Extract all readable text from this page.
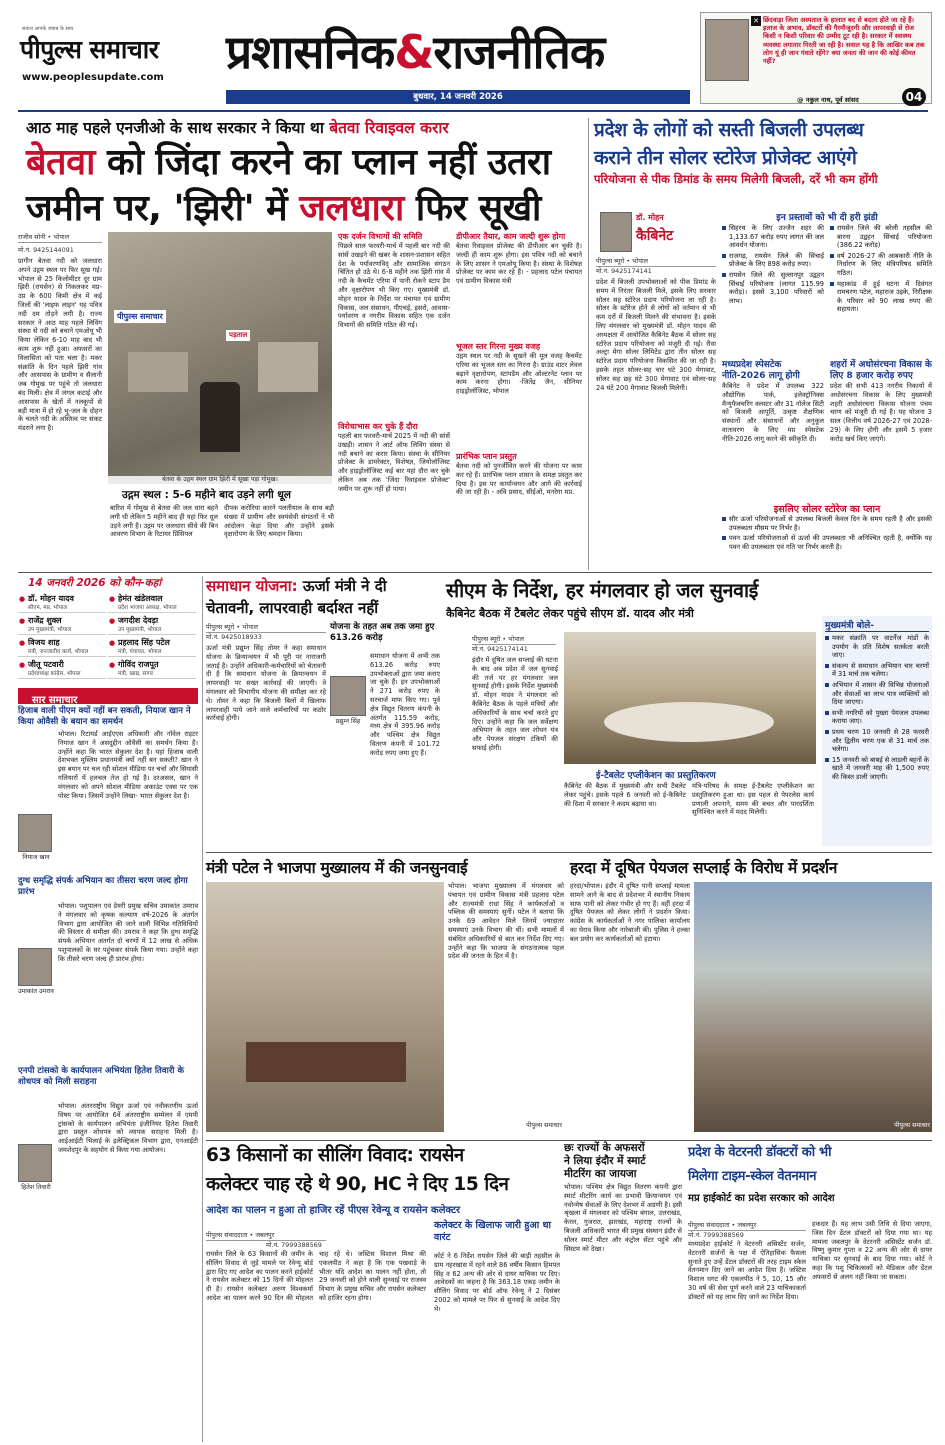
सवाल आपके जवाब के साथ
पीपुल्स समाचार
www.peoplesupdate.com प्रशासनिक&राजनीतिक
बुधवार, 14 जनवरी 2026
✕ छिंदवाड़ा जिला अस्पताल के हालात बद से बदतर होते जा रहे हैं। इलाज के अभाव, डॉक्टरों की गैरमौजूदगी और लापरवाही से रोज किसी न किसी परिवार की उम्मीद टूट रही है। सरकार में स्वास्थ्य व्यवस्था लगातार गिरती जा रही है। सवाल यह है कि आखिर कब तक लोग यूं ही जान गंवाते रहेंगे? क्या जनता की जान की कोई कीमत नहीं?
@ नकुल नाथ, पूर्व सांसद	04
आठ माह पहले एनजीओ के साथ सरकार ने किया था बेतवा रिवाइवल करार
बेतवा को जिंदा करने का प्लान नहीं उतरा
जमीन पर, 'झिरी' में जलधारा फिर सूखी
राजीव सोनी • भोपाल
मो.नं. 9425144091
प्रागीन बेतवा नदी को जलधारा अपने उद्गम स्थल पर फिर सूख गई। भोपाल से 25 किलोमीटर दूर ग्राम झिरी (रायसेन) से निकलकर मप्र-उप्र के 600 किमी क्षेत्र में कई जिलों की 'लाइफ लाइन' यह पवित्र नदी दम तोड़ने लगी है। राज्य सरकार ने आठ माह पहले लिविंग संस्था से नदी को बचाने एमओयू भी किया लेकिन 6-10 माह बाद भी काम शुरू नहीं हुआ। अफसरों का विलासिता को पता चला है। मकर संक्रांति के दिन पहले झिरी गांव और आसपास के ग्रामीण व सैलानी जब गोमुख पर पहुंचे तो जलधारा बंद मिली। क्षेत्र में जंगल कटाई और आसपास के खेतों में नलकूपों से बड़ी मात्रा में हो रहे भू-जल के दोहन के चलते नदी के अस्तित्व पर संकट मंडराने लगा है।
पीपुल्स समाचार
पड़ताल
बेतवा के उद्गम स्थल ग्राम झिरी में सूखा पड़ा गोमुख।
उद्गम स्थल : 5-6 महीने बाद उड़ने लगी धूल
बारिश में गोमुख से बेतवा की जल धारा बहने लगी थी लेकिन 5 महीने बाद ही यहां फिर धूल उड़ने लगी है। उद्गम पर जलधारा सीधे की बिन आवरण विभाग के रिटायर प्रिंसिपल
दीपक करोरिया कारने पलतीयाल के साथ बड़ी संख्या में ग्रामीण और स्वयंसेवी संगठनों ने भी आंदोलन केड़ा दिया और उन्होंने इसके वृक्षारोपण के लिए श्रमदान किया।
एक दर्जन विभागों की समिति
पिछले साल फरवरी-मार्च में पहली बार नदी की सांसें उखड़ने की खबर के शासन-प्रशासन सहित देश के पर्यावरणविद् और सामाजिक संगठन चिंतित हो उठे थे। 6-8 महीने तक झिरी गांव में नदी के कैचमेंट एरिया में पानी रोकने स्टाप डैम और वृक्षारोपण भी किए गए। मुख्यमंत्री डॉ. मोहन यादव के निर्देश पर पंचायत एवं ग्रामीण विकास, जल संसाधन, पीएचई, इसरो, आवास-पर्यावरण व नगरीय विकास सहित एक दर्जन विभागों की समिति गठित की गई।
विरोधाभास कर चुके हैं दौरा
पहली बार फरवरी-मार्च 2025 में नदी की सांसें उखड़ी। शासन ने आर्ट ऑफ लिविंग संस्था से नदी बचाने का करार किया। संस्था के सीनियर प्रोजेक्ट के डायरेक्टर, विशेषज्ञ, जियोलॉजिस्ट और हाइड्रोलॉजिस्ट कई बार यहां दौरा कर चुके लेकिन अब तक 'जिंदा रिवाइवल प्रोजेक्ट' जमीन पर शुरू नहीं हो पाया।
डीपीआर तैयार, काम जल्दी शुरू होगा
बेतवा रिवाइवल प्रोजेक्ट की डीपीआर बन चुकी है। जल्दी ही काम शुरू होगा। इस पवित्र नदी को बचाने के लिए शासन ने एमओयू किया है। संस्था के विशेषज्ञ प्रोजेक्ट पर काम कर रहे हैं। - प्रहलाद पटेल पंचायत एवं ग्रामीण विकास मंत्री
भूजल स्तर गिरना मुख्य वजह
उद्गम स्थल पर नदी के सूखने की मूल वजह कैचमेंट एरिया का भूजल स्तर का गिरना है। ग्राउंड वाटर लेवल बढ़ाने वृक्षारोपण, स्टापडैम और ऑल्टरनेट प्लान पर काम करना होगा। -जितेंद्र जैन, सीनियर हाइड्रोलॉजिस्ट, भोपाल
प्रारंभिक प्लान प्रस्तुत
बेतवा नदी को पुनर्जीवित करने की योजना पर काम कर रहे हैं। प्रारंभिक प्लान शासन के समक्ष प्रस्तुत कर दिया है। इस पर कार्यान्वयन और आगे की कार्रवाई की जा रही है। - अवि प्रसाद, सीईओ, मनरेगा मप्र.
प्रदेश के लोगों को सस्ती बिजली उपलब्ध
कराने तीन सोलर स्टोरेज प्रोजेक्ट आएंगे
परियोजना से पीक डिमांड के समय मिलेगी बिजली, दरें भी कम होंगी
डॉ. मोहन
कैबिनेट
पीपुल्स ब्यूरो • भोपाल
मो.नं. 9425174141
प्रदेश में बिजली उपभोक्ताओं को पीक डिमांड के समय में निरंतर बिजली मिले, इसके लिए सरकार सोलर सह स्टोरेज प्रदाय परियोजना ला रही है। सोलर के स्टोरेज होने से लोगों को वर्तमान से भी कम दरों में बिजली मिलने की संभावना है। इसके लिए मंगलवार को मुख्यमंत्री डॉ. मोहन यादव की अध्यक्षता में आयोजित कैबिनेट बैठक में सोलर सह स्टोरेज प्रदाय परियोजना को मंजूरी दी गई। रीवा अल्ट्रा मेगा सोलर लिमिटेड द्वारा तीन सोलर सह स्टोरेज प्रदाय परियोजना विकसित की जा रही है। इसके तहत सोलर-सह चार घंटे 300 मेगावाट, सोलर सह छह घंटे 300 मेगावाट एवं सोलर-सह 24 घंटे 200 मेगावाट बिजली मिलेगी।
इन प्रस्तावों को भी दी हरी झंडी
सिहरथ के लिए उज्जैन शहर की 1,133.67 करोड़ रुपए लागत की जल आवर्धन योजना।
राजगढ़, रायसेन जिले की सिंचाई प्रोजेक्ट के लिए 898 करोड़ रुपए।
रायसेन जिले की सुल्तानपुर उद्वहन सिंचाई परियोजना (लागत 115.99 करोड़)। इससे 3,100 परिवारों को लाभ।
रायसेन जिले की बरेली तहसील की बारना उद्वहन सिंचाई परियोजना (386.22 करोड़)
वर्ष 2026-27 की आबकारी नीति के निर्धारण के लिए मंत्रिपरिषद समिति गठित।
महाकांड में हुई घटना में दिवंगत रामचरण पटेल, महाराज उइके, निरीक्षक के परिवार को 90 लाख रुपए की सहायता।
मध्यप्रदेश स्पेसटेक नीति-2026 लागू होगी
कैबिनेट ने प्रदेश में उपलब्ध 322 औद्योगिक पार्क, इलेक्ट्रॉनिक्स मैन्युफैक्चरिंग क्लस्टर और 31 नॉलेज सिटी को बिजली आपूर्ति, उत्कृष्ट शैक्षणिक संस्थानों और संसाधनों और अनुकूल वातावरण के लिए मप्र स्पेसटेक नीति-2026 लागू करने की स्वीकृति दी।
शहरों में अधोसंरचना विकास के लिए 8 हजार करोड़ रुपए
प्रदेश की सभी 413 नगरीय निकायों में अधोसंरचना विकास के लिए मुख्यमंत्री शहरी अधोसंरचना विकास योजना पंचम चरण को मंजूरी दी गई है। यह योजना 3 साल (वित्तीय वर्ष 2026-27 एवं 2028-29) के लिए होगी और इसमें 5 हजार करोड़ खर्च किए जाएंगे।
इसलिए सोलर स्टोरेज का प्लान
सौर ऊर्जा परियोजनाओं से उपलब्ध बिजली केवल दिन के समय रहती है और इसकी उपलब्धता मौसम पर निर्भर है।
पवन ऊर्जा परियोजनाओं से ऊर्जा की उपलब्धता भी अनिश्चित रहती है, क्योंकि यह पवन की उपलब्धता एवं गति पर निर्भर करती है।
14 जनवरी 2026 को कौन-कहां
● डॉ. मोहन यादव
सीएम, मप्र, भोपाल
● हेमंत खंडेलवाल
प्रदेश भाजपा अध्यक्ष, भोपाल
● राजेंद्र शुक्ल
उप मुख्यमंत्री, भोपाल
● जगदीश देवड़ा
उप मुख्यमंत्री, भोपाल
● विजय शाह
मंत्री, जनजातीय कार्य, भोपाल
● प्रहलाद सिंह पटेल
मंत्री, पंचायत, भोपाल
● जीतू पटवारी
प्रदेशाध्यक्ष कांग्रेस, भोपाल
● गोविंद राजपूत
मंत्री, खाद्य, सागर
सार समाचार
हिजाब वाली पीएम क्यों नहीं बन सकती, नियाज खान ने किया ओवैसी के बयान का समर्थन
नियाज खान
भोपाल। रिटायर्ड आईएएस अधिकारी और नॉवेल राइटर नियाज खान ने असदुद्दीन ओवैसी का समर्थन किया है। उन्होंने कहा कि भारत सेकुलर देश है। यहां हिजाब वाली देशभक्त मुस्लिम प्रधानमंत्री क्यों नहीं बन सकती? खान ने इस बयान पर चल रही सोशल मीडिया पर चर्चा और सियासी गलियारों में हलचल तेज हो गई है। दरअसल, खान ने मंगलवार को अपने सोशल मीडिया अकाउंट एक्स पर एक पोस्ट किया। जिसमें उन्होंने लिखा- भारत सेकुलर देश है।
दुग्ध समृद्धि संपर्क अभियान का तीसरा चरण जल्द होगा प्रारंभ
उमाकांत उमराव
भोपाल। पशुपालन एवं डेयरी प्रमुख सचिव उमाकांत उमराव ने मंगलवार को कृषक कल्याण वर्ष-2026 के अंतर्गत विभाग द्वारा आयोजित की जाने वाली विभिन्न गतिविधियों की विस्तार से समीक्षा की। उमराव ने कहा कि दुग्ध समृद्धि संपर्क अभियान अंतर्गत दो चरणों में 12 लाख से अधिक पशुपालकों के घर पहुंचकर संपर्क किया गया। उन्होंने कहा कि तीसरे चरण जल्द ही प्रारंभ होगा।
एनपी टांसको के कार्यपालन अभियंता हितेश तिवारी के शोधपत्र को मिली सराहना
हितेश तिवारी
भोपाल। अंतरराष्ट्रीय विद्युत ऊर्जा एवं नवीकरणीय ऊर्जा विषय पर आयोजित 6वें अंतरराष्ट्रीय सम्मेलन में एमपी ट्रांसको के कार्यपालन अभियंता इंजीनियर हितेश तिवारी द्वारा प्रस्तुत शोधपत्र को व्यापक सराहना मिली है। आईआईटी भिलाई के इलेक्ट्रिकल विभाग द्वारा, एनआईटी जमशेदपुर के सहयोग से किया गया आयोजन।
समाधान योजना: ऊर्जा मंत्री ने दी
चेतावनी, लापरवाही बर्दाश्त नहीं
पीपुल्स ब्यूरो • भोपाल
मो.नं. 9425018933
ऊर्जा मंत्री प्रद्युम्न सिंह तोमर ने कहा समाधान योजना के क्रियान्वयन में भी पूरी पर नाराजगी जताई है। उन्होंने अधिकारी-कर्मचारियों को चेतावनी दी है कि समाधान योजना के क्रियान्वयन में लापरवाही पर सख्त कार्रवाई की जाएगी। वे मंगलवार को विभागीय योजना की समीक्षा कर रहे थे। तोमर ने कहा कि बिजली बिलों में खिलाफ लापरवाही पाये जाने वाले कर्मचारियों पर कठोर कार्रवाई होगी।
योजना के तहत अब तक जमा हुए 613.26 करोड़
प्रद्युम्न सिंह
समाधान योजना में अभी तक 613.26 करोड़ रुपए उपभोक्ताओं द्वारा जमा कराए जा चुके हैं। इन उपभोक्ताओं ने 271 करोड़ रुपए के सरचार्ज माफ किए गए। पूर्व क्षेत्र विद्युत वितरण कंपनी के अंतर्गत 115.59 करोड़, मध्य क्षेत्र में 395.96 करोड़ और पश्चिम क्षेत्र विद्युत वितरण कंपनी में 101.72 करोड़ रुपए जमा हुए हैं।
सीएम के निर्देश, हर मंगलवार हो जल सुनवाई
कैबिनेट बैठक में टैबलेट लेकर पहुंचे सीएम डॉ. यादव और मंत्री
पीपुल्स ब्यूरो • भोपाल
मो.नं. 9425174141
इंदौर में दूषित जल सप्लाई की घटना के बाद अब प्रदेश में जल सुनवाई की तर्ज पर हर मंगलवार जल सुनवाई होगी। इसके निर्देश मुख्यमंत्री डॉ. मोहन यादव ने मंगलवार को कैबिनेट बैठक के पहले मंत्रियों और अधिकारियों के साथ चर्चा करते हुए दिए। उन्होंने कहा कि जल सर्वेक्षण अभियान के तहत जल शोधन यंत्र और पेयजल संरक्षण टंकियों की सफाई होगी।
ई-टैबलेट एप्लीकेशन का प्रस्तुतिकरण
कैबिनेट की बैठक में मुख्यमंत्री और सभी टैबलेट लेकर पहुंचे। इसके पहले 6 जनवरी को ई-कैबिनेट की दिशा में सरकार ने कदम बढ़ाया था।
मंत्रि-परिषद के समक्ष ई-टैबलेट एप्लीकेशन का प्रस्तुतिकरण हुआ था। इस पहल से पेपरलेस कार्य प्रणाली अपनाने, समय की बचत और पारदर्शिता सुनिश्चित करने में मदद मिलेगी।
मुख्यमंत्री बोले-
मकर संक्रांति पर वाटर्नेज मांडों के उपयोग के प्रति विशेष सतर्कता बरती जाए।
संकल्प से समाधान अभियान चार चरणों में 31 मार्च तक चलेगा।
अभियान में शासन की विभिन्न योजनाओं और सेवाओं का लाभ पात्र व्यक्तियों को दिया जाएगा।
सभी नगरियों को पुख्ता पेयजल उपलब्ध कराया जाए।
प्रथम चरण 10 जनवरी से 28 फरवरी और द्वितीय चरण एक से 31 मार्च तक चलेगा।
15 जनवरी को बाबई से लाडली बहनों के खाते में जनवरी माह की 1,500 रुपए की किस्त डाली जाएगी।
मंत्री पटेल ने भाजपा मुख्यालय में की जनसुनवाई
भोपाल। भाजपा मुख्यालय में मंगलवार को पंचायत एवं ग्रामीण विकास मंत्री प्रहलाद पटेल और राज्यमंत्री राधा सिंह ने कार्यकर्ताओं व पब्लिक की समस्याएं सुनीं। पटेल ने बताया कि उनके 69 आवेदन मिले जिनमें ज्यादातर समस्याएं उनके विभाग की थीं। सभी मामलों में संबंधित अधिकारियों से बात कर निर्देश दिए गए। उन्होंने कहा कि भाजपा के संगठनात्मक पहल प्रदेश की जनता के हित में है।
पीपुल्स समाचार
हरदा में दूषित पेयजल सप्लाई के विरोध में प्रदर्शन
हरदा/भोपाल। इंदौर में दूषित पानी सप्लाई मामला सामने आने के बाद से प्रदेशभर में स्थानीय निकाय साफ पानी को लेकर गंभीर हो गए हैं। वहीं हरदा में दूषित पेयजल को लेकर लोगों ने प्रदर्शन किया। कांग्रेस के कार्यकर्ताओं ने नगर पालिका कार्यालय का घेराव किया और नारेबाजी की। पुलिस ने हल्का बल प्रयोग कर कार्यकर्ताओं को हटाया।
पीपुल्स समाचार
63 किसानों का सीलिंग विवाद: रायसेन
कलेक्टर चाह रहे थे 90, HC ने दिए 15 दिन
आदेश का पालन न हुआ तो हाजिर रहें पीएस रेवेन्यू व रायसेन कलेक्टर
पीपुल्स संवाददाता • जबलपुर
मो.नं. 7999388569
रायसेन जिले के 63 किसानों की जमीन के सीलिंग विवाद से जुड़े मामले पर रेवेन्यू बोर्ड द्वारा दिए गए आदेश का पालन करने हाईकोर्ट ने रायसेन कलेक्टर को 15 दिनों की मोहलत दी है। रायसेन कलेक्टर अरुण विश्वकर्मा आदेश का पालन करने 90 दिन की मोहलत चाह रहे थे। जस्टिस विशाल मिश्रा की एकलपीठ ने कहा है कि एक पखवाड़े के भीतर यदि आदेश का पालन नहीं होता, तो 29 जनवरी को होने वाली सुनवाई पर राजस्व विभाग के प्रमुख सचिव और रायसेन कलेक्टर को हाजिर रहना होगा।
कलेक्टर के खिलाफ जारी हुआ था वारंट
कोर्ट ने 6 निर्देश रायसेन जिले की बाड़ी तहसील के ग्राम नहरखास में रहने वाले 86 वर्षीय किसान हिमपत सिंह व 62 अन्य की ओर से दायर याचिका पर दिए। आवेदकों का कहना है कि 363.18 एकड़ जमीन के सीलिंग विवाद पर बोर्ड ऑफ रेवेन्यू ने 2 दिसंबर 2002 को मामले पर फिर से सुनवाई के आदेश दिए थे।
छः राज्यों के अफसरों
ने लिया इंदौर में स्मार्ट
मीटरिंग का जायजा
भोपाल। पश्चिम क्षेत्र विद्युत वितरण कंपनी द्वारा स्मार्ट मीटरिंग कार्य का प्रभावी क्रियान्वयन एवं नवोन्मेष सेवाओं के लिए देशभर में अग्रणी है। इसी श्रृंखला में मंगलवार को पश्चिम बंगाल, उत्तराखंड, केरल, गुजरात, झारखंड, महाराष्ट्र राज्यों के बिजली अधिकारी भारत की प्रमुख संस्थान इंदौर से सोलर स्मार्ट मीटर और कंट्रोल सेंटर पहुंचे और सिस्टम को देखा।
प्रदेश के वेटरनरी डॉक्टरों को भी
मिलेगा टाइम-स्केल वेतनमान
मप्र हाईकोर्ट का प्रदेश सरकार को आदेश
पीपुल्स संवाददाता • जबलपुर
मो.नं. 7999388569
मध्यप्रदेश हाईकोर्ट ने वेटरनरी असिस्टेंट सर्जन, वेटरनरी सर्जनों के पक्ष में ऐतिहासिक फैसला सुनाते हुए उन्हें डेंटल डॉक्टरों की तरह टाइम स्केल वेतनमान दिए जाने का आदेश दिया है। जस्टिस विशाल धगट की एकलपीठ ने 5, 10, 15 और 30 वर्ष की सेवा पूर्ण करने वाले 23 याचिकाकर्ता डॉक्टरों को यह लाभ दिए जाने का निर्देश दिया।
हकदार हैं। यह लाभ उसी तिथि से दिया जाएगा, जिस दिन डेंटल डॉक्टरों को दिया गया था। यह मामला जबलपुर के वेटरनरी असिस्टेंट सर्जन डॉ. विष्णु कुमार गुप्ता व 22 अन्य की ओर से दायर याचिका पर सुनवाई के बाद दिया गया। कोर्ट ने कहा कि पशु चिकित्सकों को मेडिकल और डेंटल अफसरों से अलग नहीं किया जा सकता।
